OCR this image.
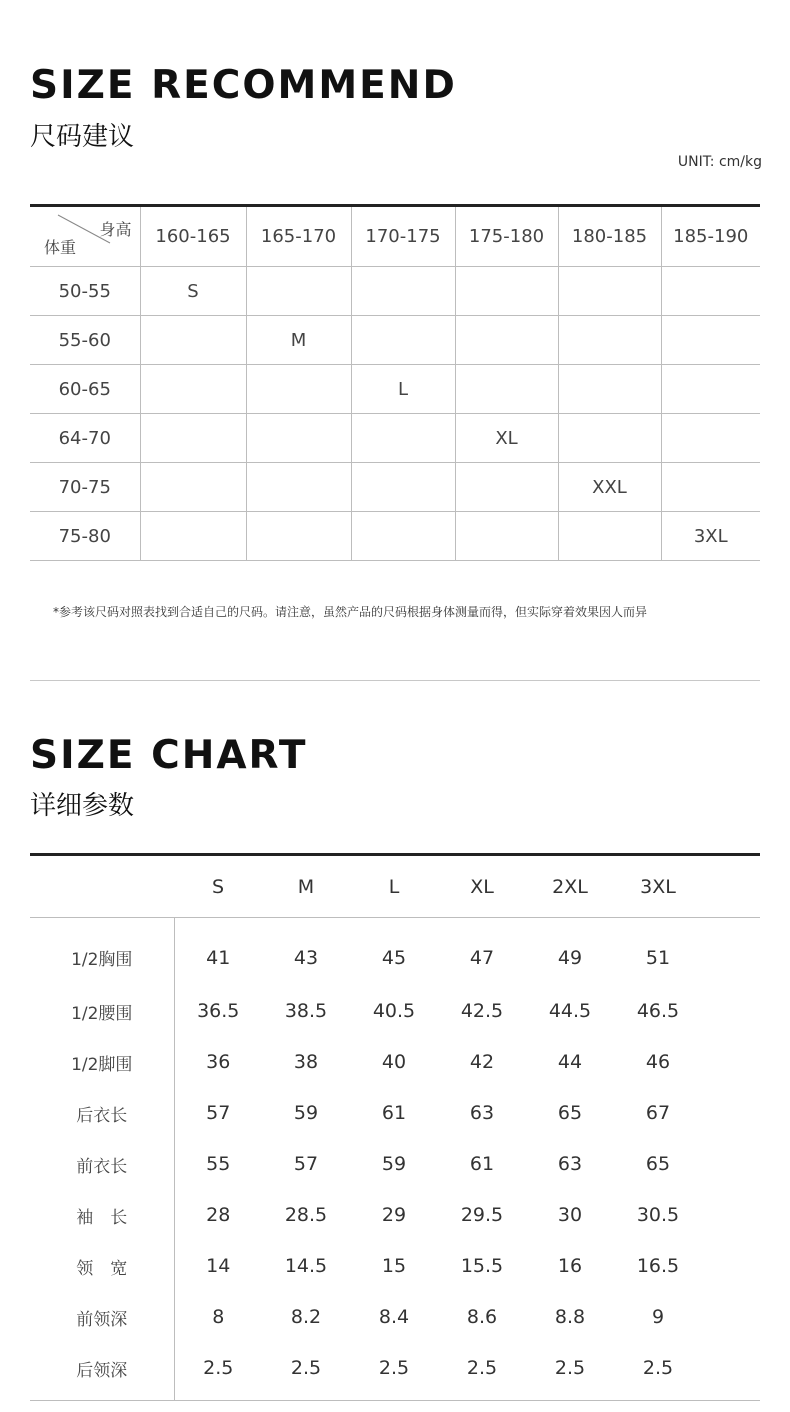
SIZE RECOMMEND
尺码建议
UNIT: cm/kg
身高
体重	160-165	165-170	170-175	175-180	180-185	185-190
50-55	S					
55-60		M				
60-65			L			
64-70				XL		
70-75					XXL	
75-80						3XL
*参考该尺码对照表找到合适自己的尺码。请注意，虽然产品的尺码根据身体测量而得，但实际穿着效果因人而异
SIZE CHART
详细参数
	S	M	L	XL	2XL	3XL	
1/2胸围	41	43	45	47	49	51	
1/2腰围	36.5	38.5	40.5	42.5	44.5	46.5	
1/2脚围	36	38	40	42	44	46	
后衣长	57	59	61	63	65	67	
前衣长	55	57	59	61	63	65	
袖　长	28	28.5	29	29.5	30	30.5	
领　宽	14	14.5	15	15.5	16	16.5	
前领深	8	8.2	8.4	8.6	8.8	9	
后领深	2.5	2.5	2.5	2.5	2.5	2.5	
